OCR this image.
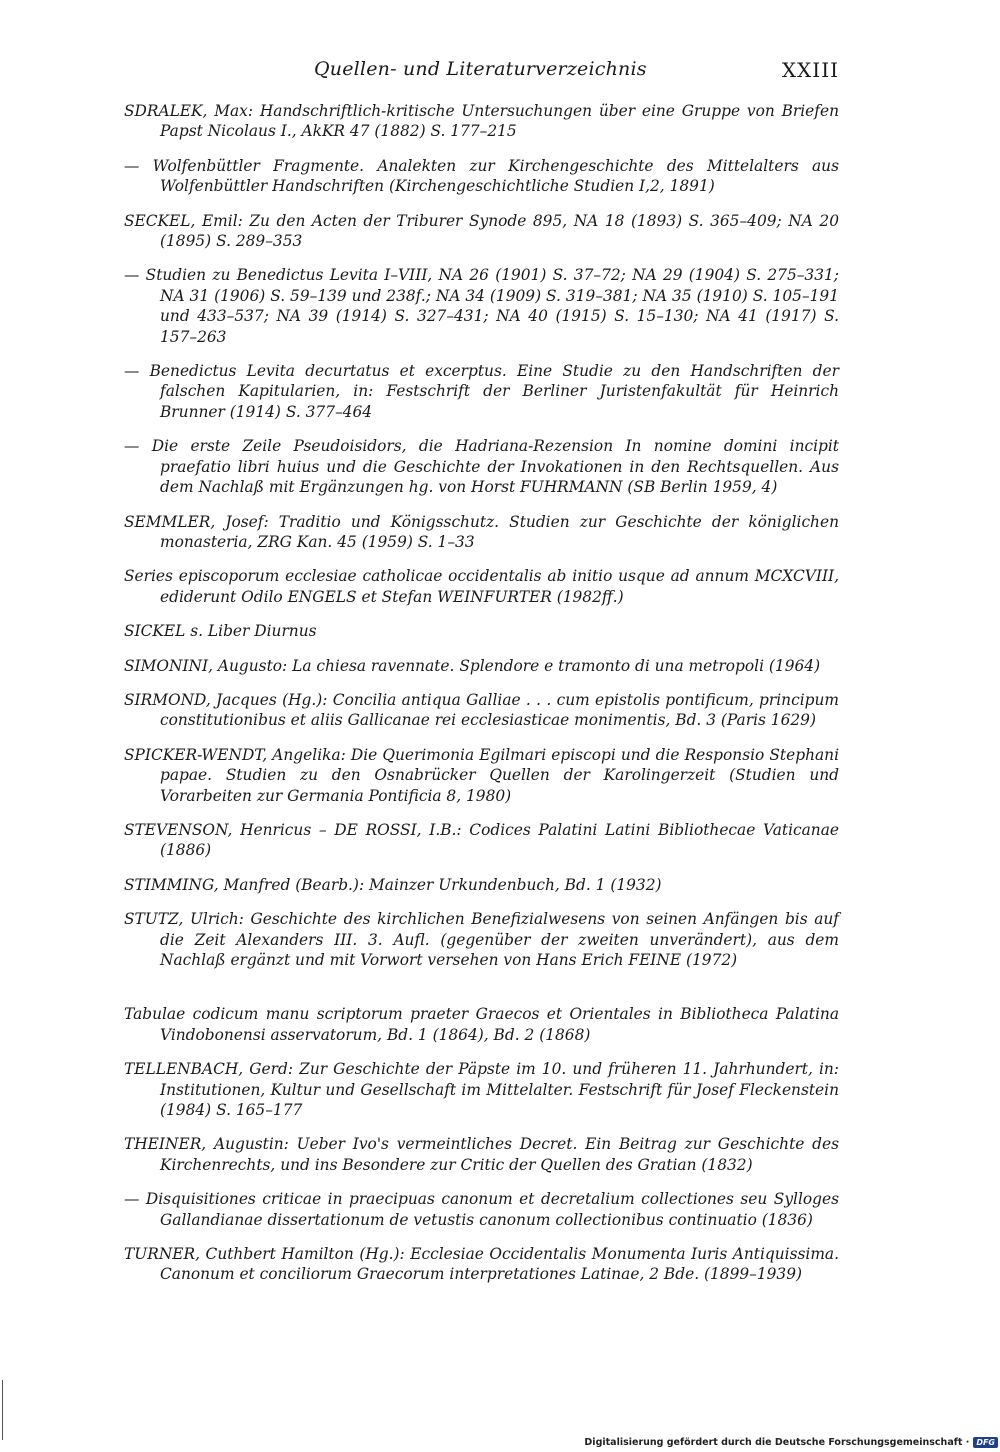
Quellen- und Literaturverzeichnis	XXIII

SDRALEK, Max: Handschriftlich-kritische Untersuchungen über eine Gruppe von Briefen Papst Nicolaus I., AkKR 47 (1882) S. 177–215

— Wolfenbüttler Fragmente. Analekten zur Kirchengeschichte des Mittelalters aus Wolfenbüttler Handschriften (Kirchengeschichtliche Studien I,2, 1891)

SECKEL, Emil: Zu den Acten der Triburer Synode 895, NA 18 (1893) S. 365–409; NA 20 (1895) S. 289–353

— Studien zu Benedictus Levita I–VIII, NA 26 (1901) S. 37–72; NA 29 (1904) S. 275–331; NA 31 (1906) S. 59–139 und 238f.; NA 34 (1909) S. 319–381; NA 35 (1910) S. 105–191 und 433–537; NA 39 (1914) S. 327–431; NA 40 (1915) S. 15–130; NA 41 (1917) S. 157–263

— Benedictus Levita decurtatus et excerptus. Eine Studie zu den Handschriften der falschen Kapitularien, in: Festschrift der Berliner Juristenfakultät für Heinrich Brunner (1914) S. 377–464

— Die erste Zeile Pseudoisidors, die Hadriana-Rezension In nomine domini incipit praefatio libri huius und die Geschichte der Invokationen in den Rechtsquellen. Aus dem Nachlaß mit Ergänzungen hg. von Horst FUHRMANN (SB Berlin 1959, 4)

SEMMLER, Josef: Traditio und Königsschutz. Studien zur Geschichte der königlichen monasteria, ZRG Kan. 45 (1959) S. 1–33

Series episcoporum ecclesiae catholicae occidentalis ab initio usque ad annum MCXCVIII, ediderunt Odilo ENGELS et Stefan WEINFURTER (1982ff.)

SICKEL s. Liber Diurnus

SIMONINI, Augusto: La chiesa ravennate. Splendore e tramonto di una metropoli (1964)

SIRMOND, Jacques (Hg.): Concilia antiqua Galliae . . . cum epistolis pontificum, principum constitutionibus et aliis Gallicanae rei ecclesiasticae monimentis, Bd. 3 (Paris 1629)

SPICKER-WENDT, Angelika: Die Querimonia Egilmari episcopi und die Responsio Stephani papae. Studien zu den Osnabrücker Quellen der Karolingerzeit (Studien und Vorarbeiten zur Germania Pontificia 8, 1980)

STEVENSON, Henricus – DE ROSSI, I.B.: Codices Palatini Latini Bibliothecae Vaticanae (1886)

STIMMING, Manfred (Bearb.): Mainzer Urkundenbuch, Bd. 1 (1932)

STUTZ, Ulrich: Geschichte des kirchlichen Benefizialwesens von seinen Anfängen bis auf die Zeit Alexanders III. 3. Aufl. (gegenüber der zweiten unverändert), aus dem Nachlaß ergänzt und mit Vorwort versehen von Hans Erich FEINE (1972)

Tabulae codicum manu scriptorum praeter Graecos et Orientales in Bibliotheca Palatina Vindobonensi asservatorum, Bd. 1 (1864), Bd. 2 (1868)

TELLENBACH, Gerd: Zur Geschichte der Päpste im 10. und früheren 11. Jahrhundert, in: Institutionen, Kultur und Gesellschaft im Mittelalter. Festschrift für Josef Fleckenstein (1984) S. 165–177

THEINER, Augustin: Ueber Ivo's vermeintliches Decret. Ein Beitrag zur Geschichte des Kirchenrechts, und ins Besondere zur Critic der Quellen des Gratian (1832)

— Disquisitiones criticae in praecipuas canonum et decretalium collectiones seu Sylloges Gallandianae dissertationum de vetustis canonum collectionibus continuatio (1836)

TURNER, Cuthbert Hamilton (Hg.): Ecclesiae Occidentalis Monumenta Iuris Antiquissima. Canonum et conciliorum Graecorum interpretationes Latinae, 2 Bde. (1899–1939)

Digitalisierung gefördert durch die Deutsche Forschungsgemeinschaft · DFG
